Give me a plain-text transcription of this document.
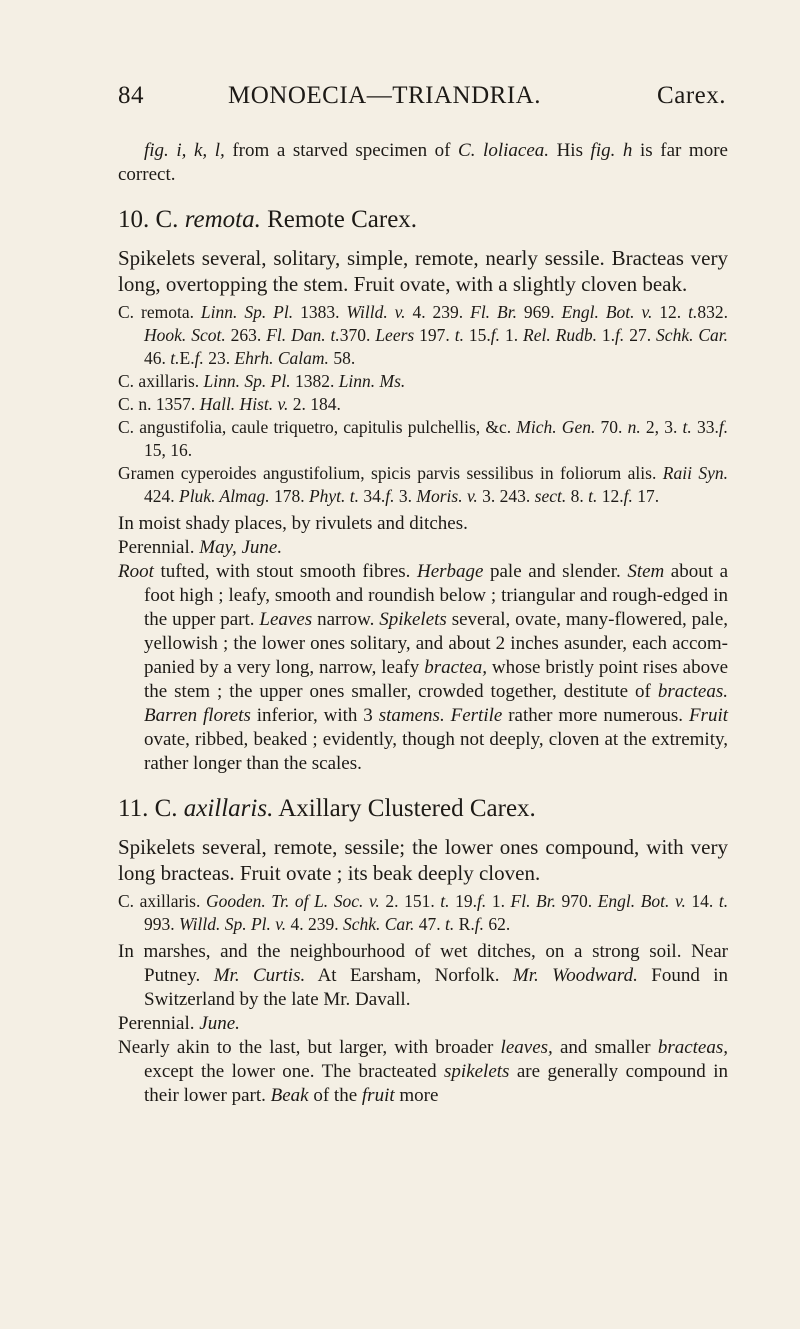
84	MONOECIA—TRIANDRIA.	Carex.

fig. i, k, l, from a starved specimen of C. loliacea. His fig. h is far more correct.

10. C. remota. Remote Carex.

Spikelets several, solitary, simple, remote, nearly sessile. Bracteas very long, overtopping the stem. Fruit ovate, with a slightly cloven beak.

C. remota. Linn. Sp. Pl. 1383. Willd. v. 4. 239. Fl. Br. 969. Engl. Bot. v. 12. t.832. Hook. Scot. 263. Fl. Dan. t.370. Leers 197. t. 15.f. 1. Rel. Rudb. 1.f. 27. Schk. Car. 46. t.E.f. 23. Ehrh. Calam. 58.

C. axillaris. Linn. Sp. Pl. 1382. Linn. Ms.

C. n. 1357. Hall. Hist. v. 2. 184.

C. angustifolia, caule triquetro, capitulis pulchellis, &c. Mich. Gen. 70. n. 2, 3. t. 33.f. 15, 16.

Gramen cyperoides angustifolium, spicis parvis sessilibus in foliorum alis. Raii Syn. 424. Pluk. Almag. 178. Phyt. t. 34.f. 3. Moris. v. 3. 243. sect. 8. t. 12.f. 17.

In moist shady places, by rivulets and ditches.

Perennial. May, June.

Root tufted, with stout smooth fibres. Herbage pale and slender. Stem about a foot high ; leafy, smooth and roundish below ; triangular and rough-edged in the upper part. Leaves narrow. Spikelets several, ovate, many-flowered, pale, yellowish ; the lower ones solitary, and about 2 inches asunder, each accompanied by a very long, narrow, leafy bractea, whose bristly point rises above the stem ; the upper ones smaller, crowded together, destitute of bracteas. Barren florets inferior, with 3 stamens. Fertile rather more numerous. Fruit ovate, ribbed, beaked ; evidently, though not deeply, cloven at the extremity, rather longer than the scales.

11. C. axillaris. Axillary Clustered Carex.

Spikelets several, remote, sessile; the lower ones compound, with very long bracteas. Fruit ovate ; its beak deeply cloven.

C. axillaris. Gooden. Tr. of L. Soc. v. 2. 151. t. 19.f. 1. Fl. Br. 970. Engl. Bot. v. 14. t. 993. Willd. Sp. Pl. v. 4. 239. Schk. Car. 47. t. R.f. 62.

In marshes, and the neighbourhood of wet ditches, on a strong soil. Near Putney. Mr. Curtis. At Earsham, Norfolk. Mr. Woodward. Found in Switzerland by the late Mr. Davall.

Perennial. June.

Nearly akin to the last, but larger, with broader leaves, and smaller bracteas, except the lower one. The bracteated spikelets are generally compound in their lower part. Beak of the fruit more
